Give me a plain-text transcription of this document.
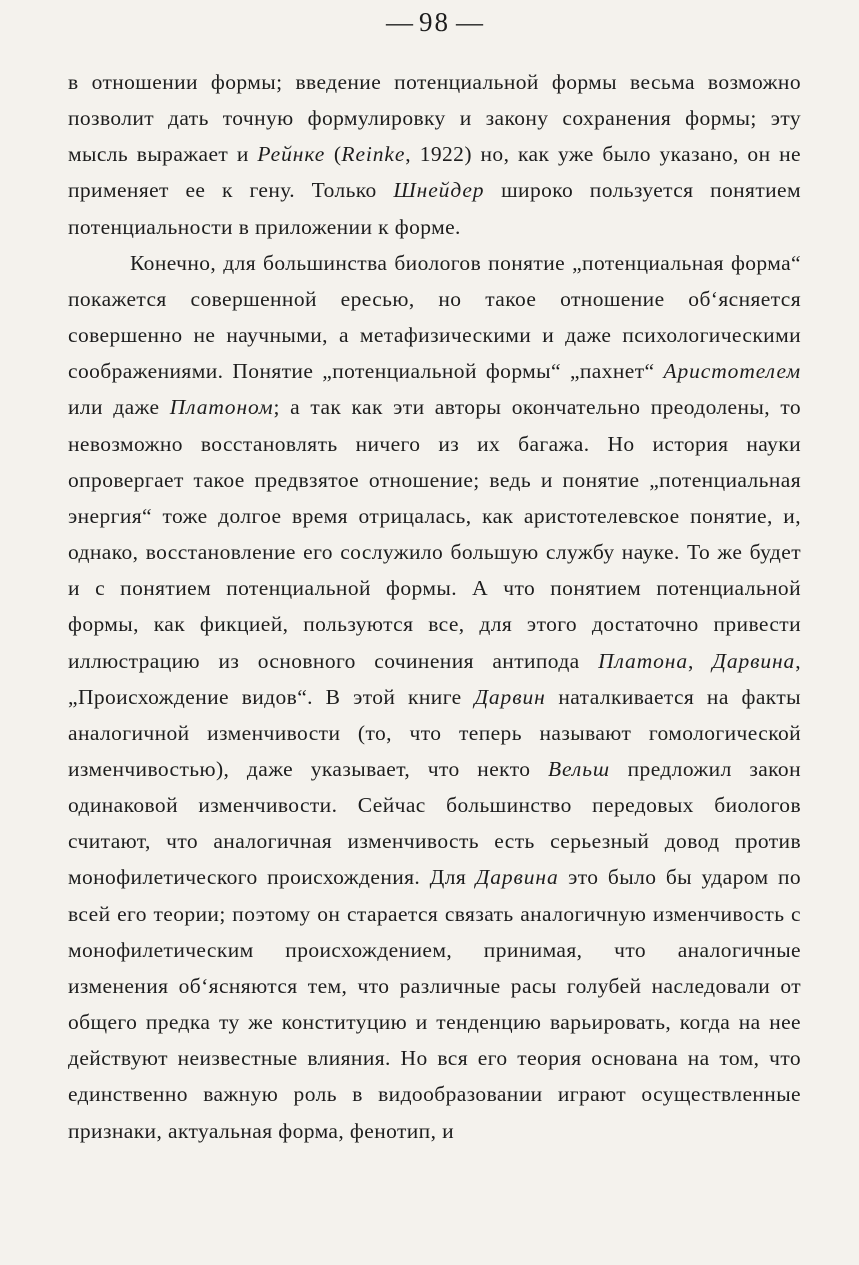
— 98 —

в отношении формы; введение потенциальной формы весьма возможно позволит дать точную формулировку и закону сохранения формы; эту мысль выражает и Рейнке (Reinke, 1922) но, как уже было указано, он не применяет ее к гену. Только Шнейдер широко пользуется понятием потенциальности в приложении к форме.

Конечно, для большинства биологов понятие „потенциальная форма“ покажется совершенной ересью, но такое отношение об‘ясняется совершенно не научными, а метафизическими и даже психологическими соображениями. Понятие „потенциальной формы“ „пахнет“ Аристотелем или даже Платоном; а так как эти авторы окончательно преодолены, то невозможно восстановлять ничего из их багажа. Но история науки опровергает такое предвзятое отношение; ведь и понятие „потенциальная энергия“ тоже долгое время отрицалась, как аристотелевское понятие, и, однако, восстановление его сослужило большую службу науке. То же будет и с понятием потенциальной формы. А что понятием потенциальной формы, как фикцией, пользуются все, для этого достаточно привести иллюстрацию из основного сочинения антипода Платона, Дарвина, „Происхождение видов“. В этой книге Дарвин наталкивается на факты аналогичной изменчивости (то, что теперь называют гомологической изменчивостью), даже указывает, что некто Вельш предложил закон одинаковой изменчивости. Сейчас большинство передовых биологов считают, что аналогичная изменчивость есть серьезный довод против монофилетического происхождения. Для Дарвина это было бы ударом по всей его теории; поэтому он старается связать аналогичную изменчивость с монофилетическим происхождением, принимая, что аналогичные изменения об‘ясняются тем, что различные расы голубей наследовали от общего предка ту же конституцию и тенденцию варьировать, когда на нее действуют неизвестные влияния. Но вся его теория основана на том, что единственно важную роль в видообразовании играют осуществленные признаки, актуальная форма, фенотип, и
